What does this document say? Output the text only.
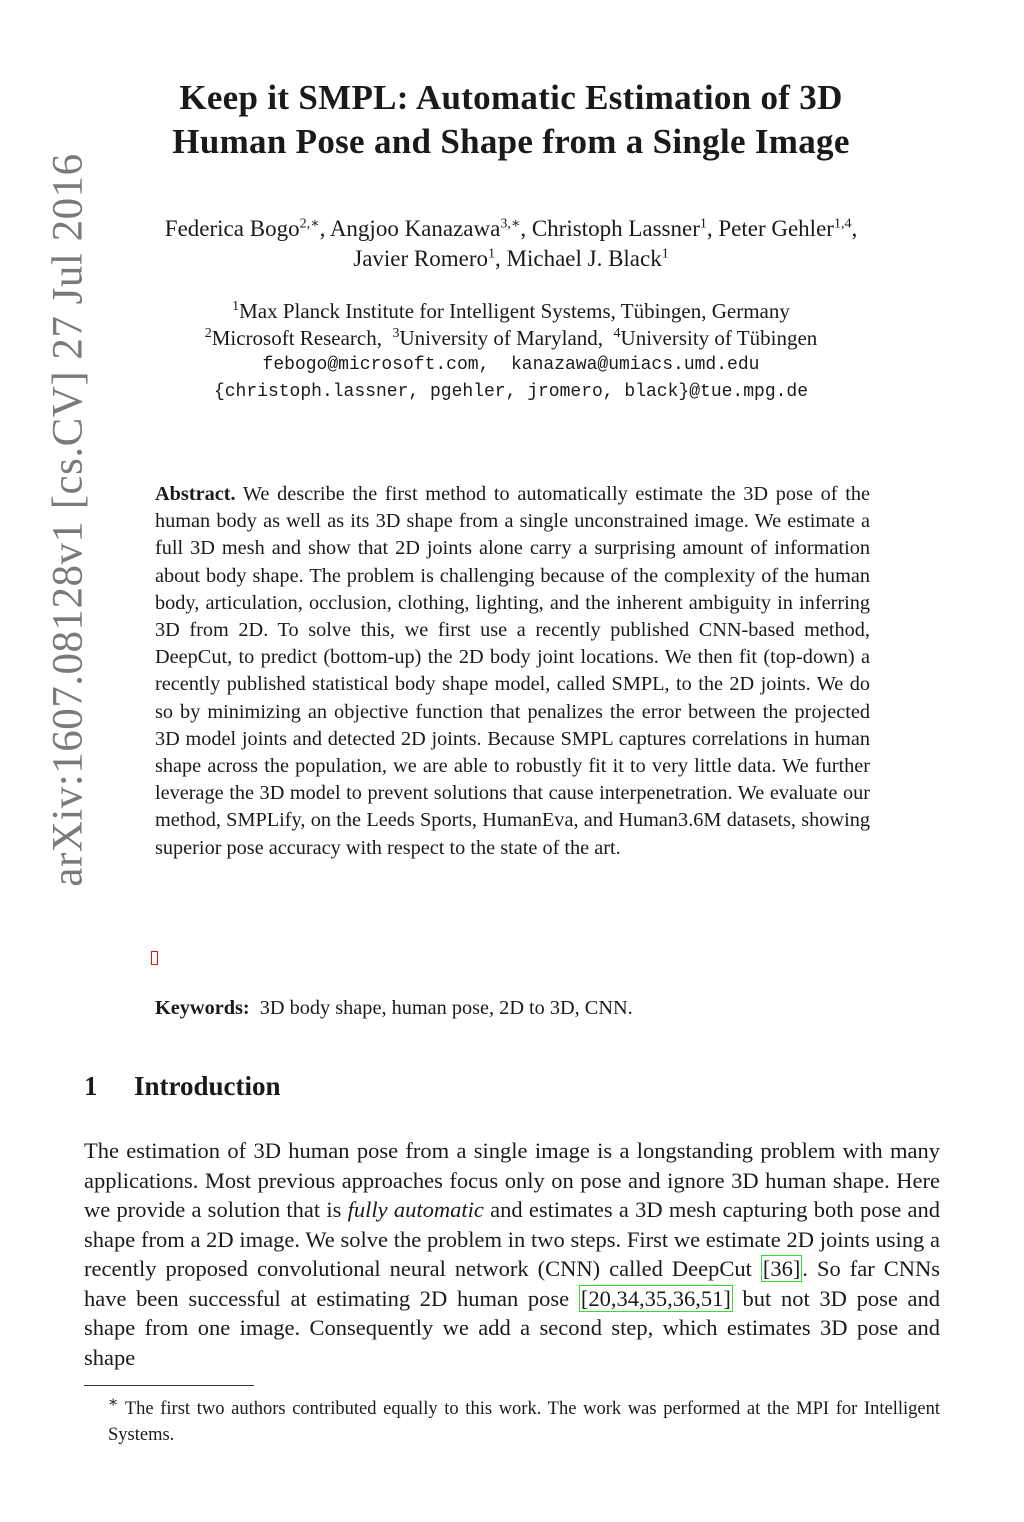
arXiv:1607.08128v1 [cs.CV] 27 Jul 2016
Keep it SMPL: Automatic Estimation of 3D
Human Pose and Shape from a Single Image
Federica Bogo$^{2,∗}$, Angjoo Kanazawa$^{3,∗}$, Christoph Lassner$^1$, Peter Gehler$^{1,4}$,
Javier Romero$^1$, Michael J. Black$^1$
$^1$Max Planck Institute for Intelligent Systems, Tübingen, Germany
$^2$Microsoft Research, $^3$University of Maryland, $^4$University of Tübingen
febogo@microsoft.com,  kanazawa@umiacs.umd.edu
{christoph.lassner, pgehler, jromero, black}@tue.mpg.de
Abstract. We describe the first method to automatically estimate the 3D pose of the human body as well as its 3D shape from a single unconstrained image. We estimate a full 3D mesh and show that 2D joints alone carry a surprising amount of information about body shape. The problem is challenging because of the complexity of the human body, articulation, occlusion, clothing, lighting, and the inherent ambiguity in inferring 3D from 2D. To solve this, we first use a recently published CNN-based method, DeepCut, to predict (bottom-up) the 2D body joint locations. We then fit (top-down) a recently published statistical body shape model, called SMPL, to the 2D joints. We do so by minimizing an objective function that penalizes the error between the projected 3D model joints and detected 2D joints. Because SMPL captures correlations in human shape across the population, we are able to robustly fit it to very little data. We further leverage the 3D model to prevent solutions that cause interpenetration. We evaluate our method, SMPLify, on the Leeds Sports, HumanEva, and Human3.6M datasets, showing superior pose accuracy with respect to the state of the art.
Keywords: 3D body shape, human pose, 2D to 3D, CNN.
1 Introduction
The estimation of 3D human pose from a single image is a longstanding problem with many applications. Most previous approaches focus only on pose and ignore 3D human shape. Here we provide a solution that is fully automatic and estimates a 3D mesh capturing both pose and shape from a 2D image. We solve the problem in two steps. First we estimate 2D joints using a recently proposed convolutional neural network (CNN) called DeepCut [36]. So far CNNs have been successful at estimating 2D human pose [20,34,35,36,51] but not 3D pose and shape from one image. Consequently we add a second step, which estimates 3D pose and shape
∗ The first two authors contributed equally to this work. The work was performed at the MPI for Intelligent Systems.
